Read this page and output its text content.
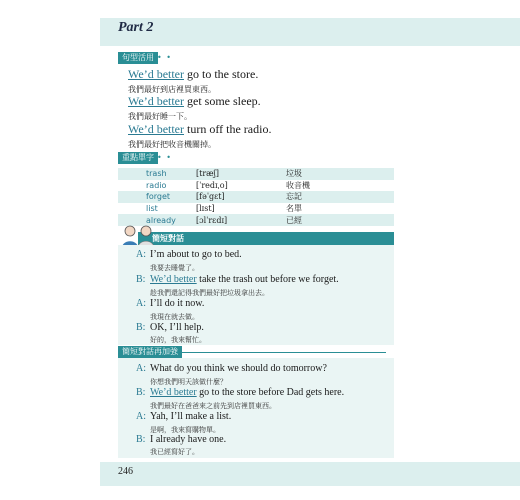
Part 2
句型活用 • •
We’d better go to the store.
我們最好到店裡買東西。
We’d better get some sleep.
我們最好睡一下。
We’d better turn off the radio.
我們最好把收音機關掉。
重點單字 • •
trash	[træʃ]	垃圾
radio	[ˈredɪˌo]	收音機
forget	[fəˈgɛt]	忘記
list	[lɪst]	名單
already	[ɔlˈrɛdɪ]	已經
簡短對話
A: I’m about to go to bed.
我要去睡覺了。
B: We’d better take the trash out before we forget.
趁我們還記得我們最好把垃圾拿出去。
A: I’ll do it now.
我現在就去做。
B: OK, I’ll help.
好的，我來幫忙。
簡短對話再加強
A: What do you think we should do tomorrow?
你想我們明天該做什麼？
B: We’d better go to the store before Dad gets here.
我們最好在爸爸來之前先到店裡買東西。
A: Yah, I’ll make a list.
是啊，我來寫購物單。
B: I already have one.
我已經寫好了。
246
